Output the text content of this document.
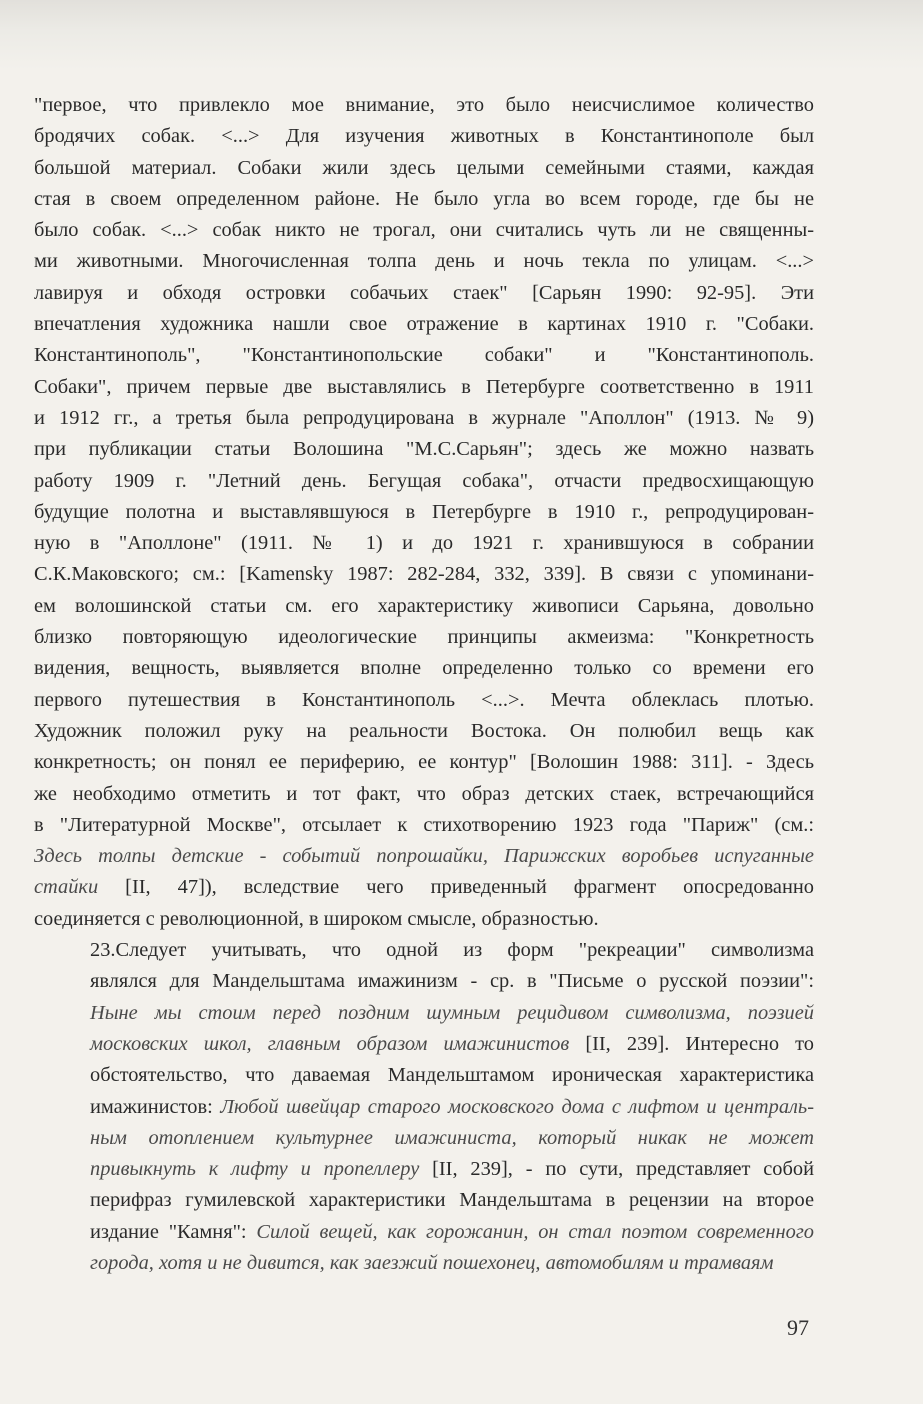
"первое, что привлекло мое внимание, это было неисчислимое количество
бродячих собак. <...> Для изучения животных в Константинополе был
большой материал. Собаки жили здесь целыми семейными стаями, каждая
стая в своем определенном районе. Не было угла во всем городе, где бы не
было собак. <...> собак никто не трогал, они считались чуть ли не священны-
ми животными. Многочисленная толпа день и ночь текла по улицам. <...>
лавируя и обходя островки собачьих стаек" [Сарьян 1990: 92-95]. Эти
впечатления художника нашли свое отражение в картинах 1910 г. "Собаки.
Константинополь", "Константинопольские собаки" и "Константинополь.
Собаки", причем первые две выставлялись в Петербурге соответственно в 1911
и 1912 гг., а третья была репродуцирована в журнале "Аполлон" (1913. № 9)
при публикации статьи Волошина "М.С.Сарьян"; здесь же можно назвать
работу 1909 г. "Летний день. Бегущая собака", отчасти предвосхищающую
будущие полотна и выставлявшуюся в Петербурге в 1910 г., репродуцирован-
ную в "Аполлоне" (1911. № 1) и до 1921 г. хранившуюся в собрании
С.К.Маковского; см.: [Kamensky 1987: 282-284, 332, 339]. В связи с упоминани-
ем волошинской статьи см. его характеристику живописи Сарьяна, довольно
близко повторяющую идеологические принципы акмеизма: "Конкретность
видения, вещность, выявляется вполне определенно только со времени его
первого путешествия в Константинополь <...>. Мечта облеклась плотью.
Художник положил руку на реальности Востока. Он полюбил вещь как
конкретность; он понял ее периферию, ее контур" [Волошин 1988: 311]. - Здесь
же необходимо отметить и тот факт, что образ детских стаек, встречающийся
в "Литературной Москве", отсылает к стихотворению 1923 года "Париж" (см.:
Здесь толпы детские - событий попрошайки, Парижских воробьев испуганные
стайки [II, 47]), вследствие чего приведенный фрагмент опосредованно
соединяется с революционной, в широком смысле, образностью.

23.Следует учитывать, что одной из форм "рекреации" символизма
являлся для Мандельштама имажинизм - ср. в "Письме о русской поэзии":
Ныне мы стоим перед поздним шумным рецидивом символизма, поэзией
московских школ, главным образом имажинистов [II, 239]. Интересно то
обстоятельство, что даваемая Мандельштамом ироническая характеристика
имажинистов: Любой швейцар старого московского дома с лифтом и централь-
ным отоплением культурнее имажиниста, который никак не может
привыкнуть к лифту и пропеллеру [II, 239], - по сути, представляет собой
перифраз гумилевской характеристики Мандельштама в рецензии на второе
издание "Камня": Силой вещей, как горожанин, он стал поэтом современного
города, хотя и не дивится, как заезжий пошехонец, автомобилям и трамваям

97
